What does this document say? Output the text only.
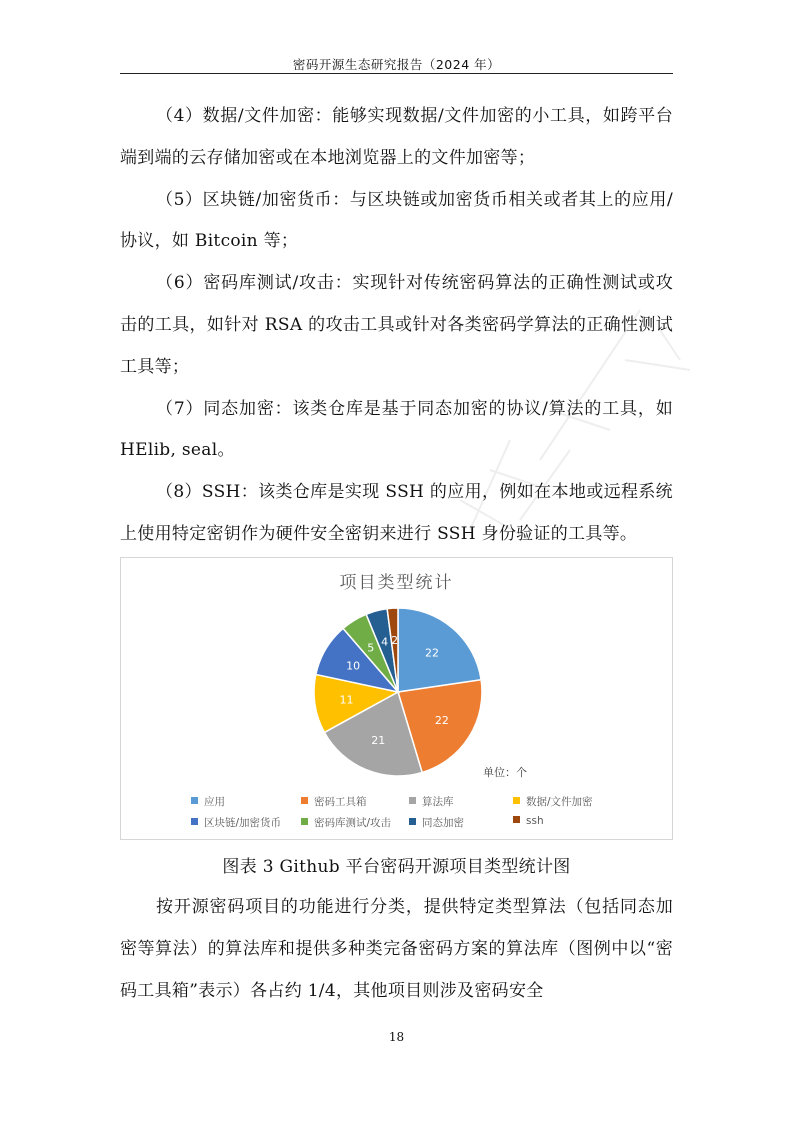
密码开源生态研究报告（2024 年）

（4）数据/文件加密：能够实现数据/文件加密的小工具，如跨平台端到端的云存储加密或在本地浏览器上的文件加密等；

（5）区块链/加密货币：与区块链或加密货币相关或者其上的应用/协议，如 Bitcoin 等；

（6）密码库测试/攻击：实现针对传统密码算法的正确性测试或攻击的工具，如针对 RSA 的攻击工具或针对各类密码学算法的正确性测试工具等；

（7）同态加密：该类仓库是基于同态加密的协议/算法的工具，如 HElib, seal。

（8）SSH：该类仓库是实现 SSH 的应用，例如在本地或远程系统上使用特定密钥作为硬件安全密钥来进行 SSH 身份验证的工具等。

项目类型统计
22
22
21
11
10
5 4 2
单位：个
应用	密码工具箱	算法库	数据/文件加密
区块链/加密货币	密码库测试/攻击	同态加密	ssh
图表 3 Github 平台密码开源项目类型统计图

按开源密码项目的功能进行分类，提供特定类型算法（包括同态加密等算法）的算法库和提供多种类完备密码方案的算法库（图例中以“密码工具箱”表示）各占约 1/4，其他项目则涉及密码安全

18
